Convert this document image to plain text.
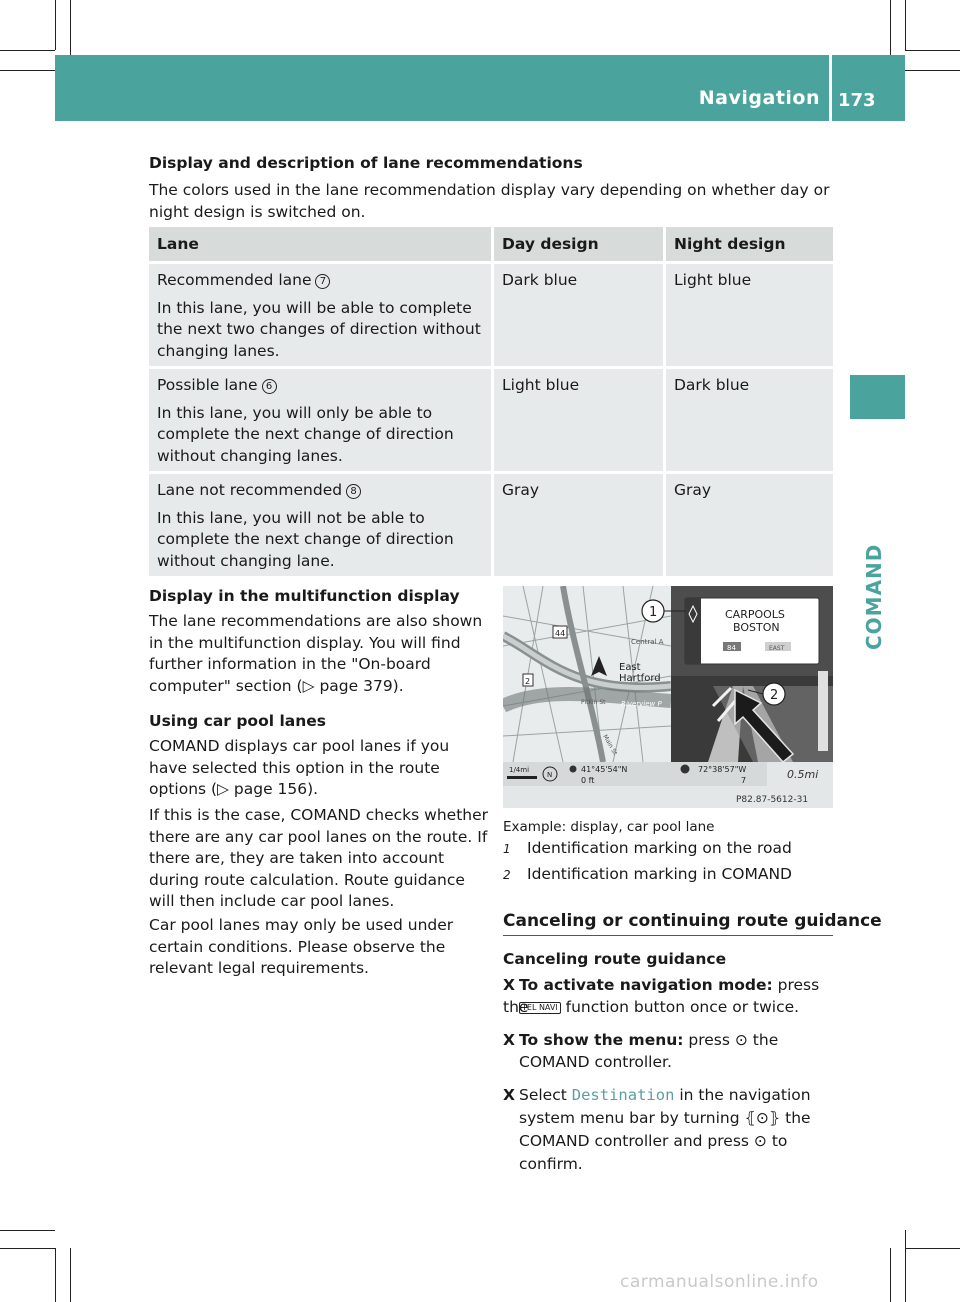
Navigation 173
COMAND
Display and description of lane recommendations
The colors used in the lane recommendation display vary depending on whether day or night design is switched on.
Lane	Day design	Night design
Recommended lane 7
In this lane, you will be able to complete the next two changes of direction without changing lanes.
Dark blue	Light blue
Possible lane 6
In this lane, you will only be able to complete the next change of direction without changing lanes.
Light blue	Dark blue
Lane not recommended 8
In this lane, you will not be able to complete the next change of direction without changing lane.
Gray	Gray
Display in the multifunction display
The lane recommendations are also shown in the multifunction display. You will find further information in the "On-board computer" section (▷ page 379).
Using car pool lanes
COMAND displays car pool lanes if you have selected this option in the route options (▷ page 156).
If this is the case, COMAND checks whether there are any car pool lanes on the route. If there are, they are taken into account during route calculation. Route guidance will then include car pool lanes.
Car pool lanes may only be used under certain conditions. Please observe the relevant legal requirements.
44
2
East
Hartford
Central A
Riverview P
Pitkin St
Main St
CARPOOLS
BOSTON
84	EAST
1
2
1/4mi
N
41°45'54"N
0 ft
72°38'57"W
7	0.5mi
P82.87-5612-31
Example: display, car pool lane
1 Identification marking on the road
2 Identification marking in COMAND
Canceling or continuing route guidance
Canceling route guidance
X To activate navigation mode: press the
TEL NAVI function button once or twice.
X To show the menu: press ⊙ the COMAND controller.
X Select Destination in the navigation system menu bar by turning ⦃⊙⦄ the COMAND controller and press ⊙ to confirm.
carmanualsonline.info
